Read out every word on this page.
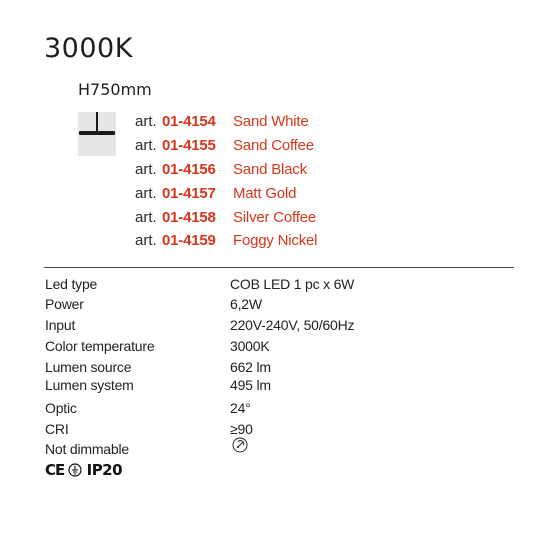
3000K
H750mm
art. 01-4154 Sand White
art. 01-4155 Sand Coffee
art. 01-4156 Sand Black
art. 01-4157 Matt Gold
art. 01-4158 Silver Coffee
art. 01-4159 Foggy Nickel
Led type	COB LED 1 pc x 6W
Power	6,2W
Input	220V-240V, 50/60Hz
Color temperature	3000K
Lumen source	662 lm
Lumen system	495 lm
Optic	24°
CRI	≥90
Not dimmable
CE IP20
